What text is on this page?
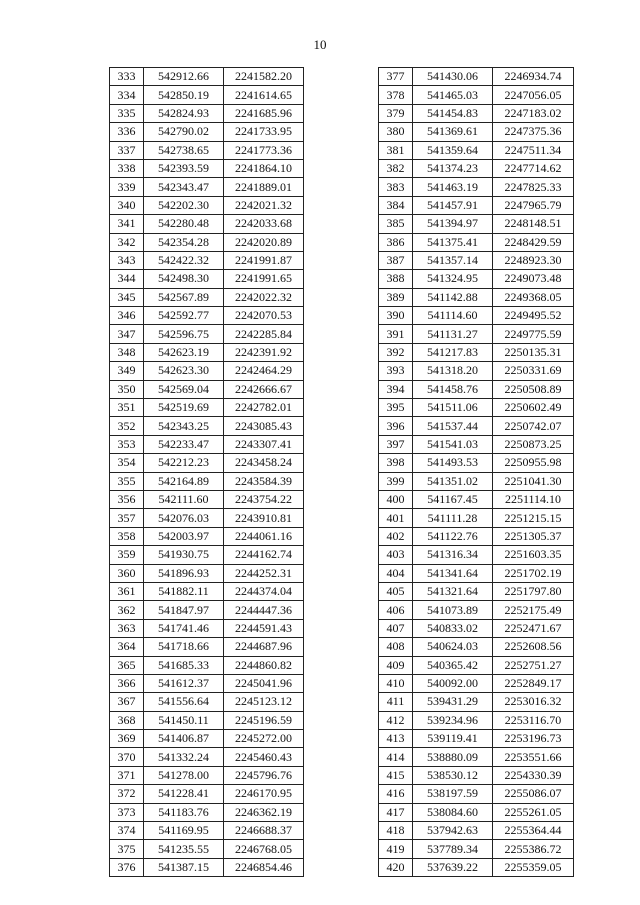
10
333	542912.66	2241582.20
334	542850.19	2241614.65
335	542824.93	2241685.96
336	542790.02	2241733.95
337	542738.65	2241773.36
338	542393.59	2241864.10
339	542343.47	2241889.01
340	542202.30	2242021.32
341	542280.48	2242033.68
342	542354.28	2242020.89
343	542422.32	2241991.87
344	542498.30	2241991.65
345	542567.89	2242022.32
346	542592.77	2242070.53
347	542596.75	2242285.84
348	542623.19	2242391.92
349	542623.30	2242464.29
350	542569.04	2242666.67
351	542519.69	2242782.01
352	542343.25	2243085.43
353	542233.47	2243307.41
354	542212.23	2243458.24
355	542164.89	2243584.39
356	542111.60	2243754.22
357	542076.03	2243910.81
358	542003.97	2244061.16
359	541930.75	2244162.74
360	541896.93	2244252.31
361	541882.11	2244374.04
362	541847.97	2244447.36
363	541741.46	2244591.43
364	541718.66	2244687.96
365	541685.33	2244860.82
366	541612.37	2245041.96
367	541556.64	2245123.12
368	541450.11	2245196.59
369	541406.87	2245272.00
370	541332.24	2245460.43
371	541278.00	2245796.76
372	541228.41	2246170.95
373	541183.76	2246362.19
374	541169.95	2246688.37
375	541235.55	2246768.05
376	541387.15	2246854.46
377	541430.06	2246934.74
378	541465.03	2247056.05
379	541454.83	2247183.02
380	541369.61	2247375.36
381	541359.64	2247511.34
382	541374.23	2247714.62
383	541463.19	2247825.33
384	541457.91	2247965.79
385	541394.97	2248148.51
386	541375.41	2248429.59
387	541357.14	2248923.30
388	541324.95	2249073.48
389	541142.88	2249368.05
390	541114.60	2249495.52
391	541131.27	2249775.59
392	541217.83	2250135.31
393	541318.20	2250331.69
394	541458.76	2250508.89
395	541511.06	2250602.49
396	541537.44	2250742.07
397	541541.03	2250873.25
398	541493.53	2250955.98
399	541351.02	2251041.30
400	541167.45	2251114.10
401	541111.28	2251215.15
402	541122.76	2251305.37
403	541316.34	2251603.35
404	541341.64	2251702.19
405	541321.64	2251797.80
406	541073.89	2252175.49
407	540833.02	2252471.67
408	540624.03	2252608.56
409	540365.42	2252751.27
410	540092.00	2252849.17
411	539431.29	2253016.32
412	539234.96	2253116.70
413	539119.41	2253196.73
414	538880.09	2253551.66
415	538530.12	2254330.39
416	538197.59	2255086.07
417	538084.60	2255261.05
418	537942.63	2255364.44
419	537789.34	2255386.72
420	537639.22	2255359.05
